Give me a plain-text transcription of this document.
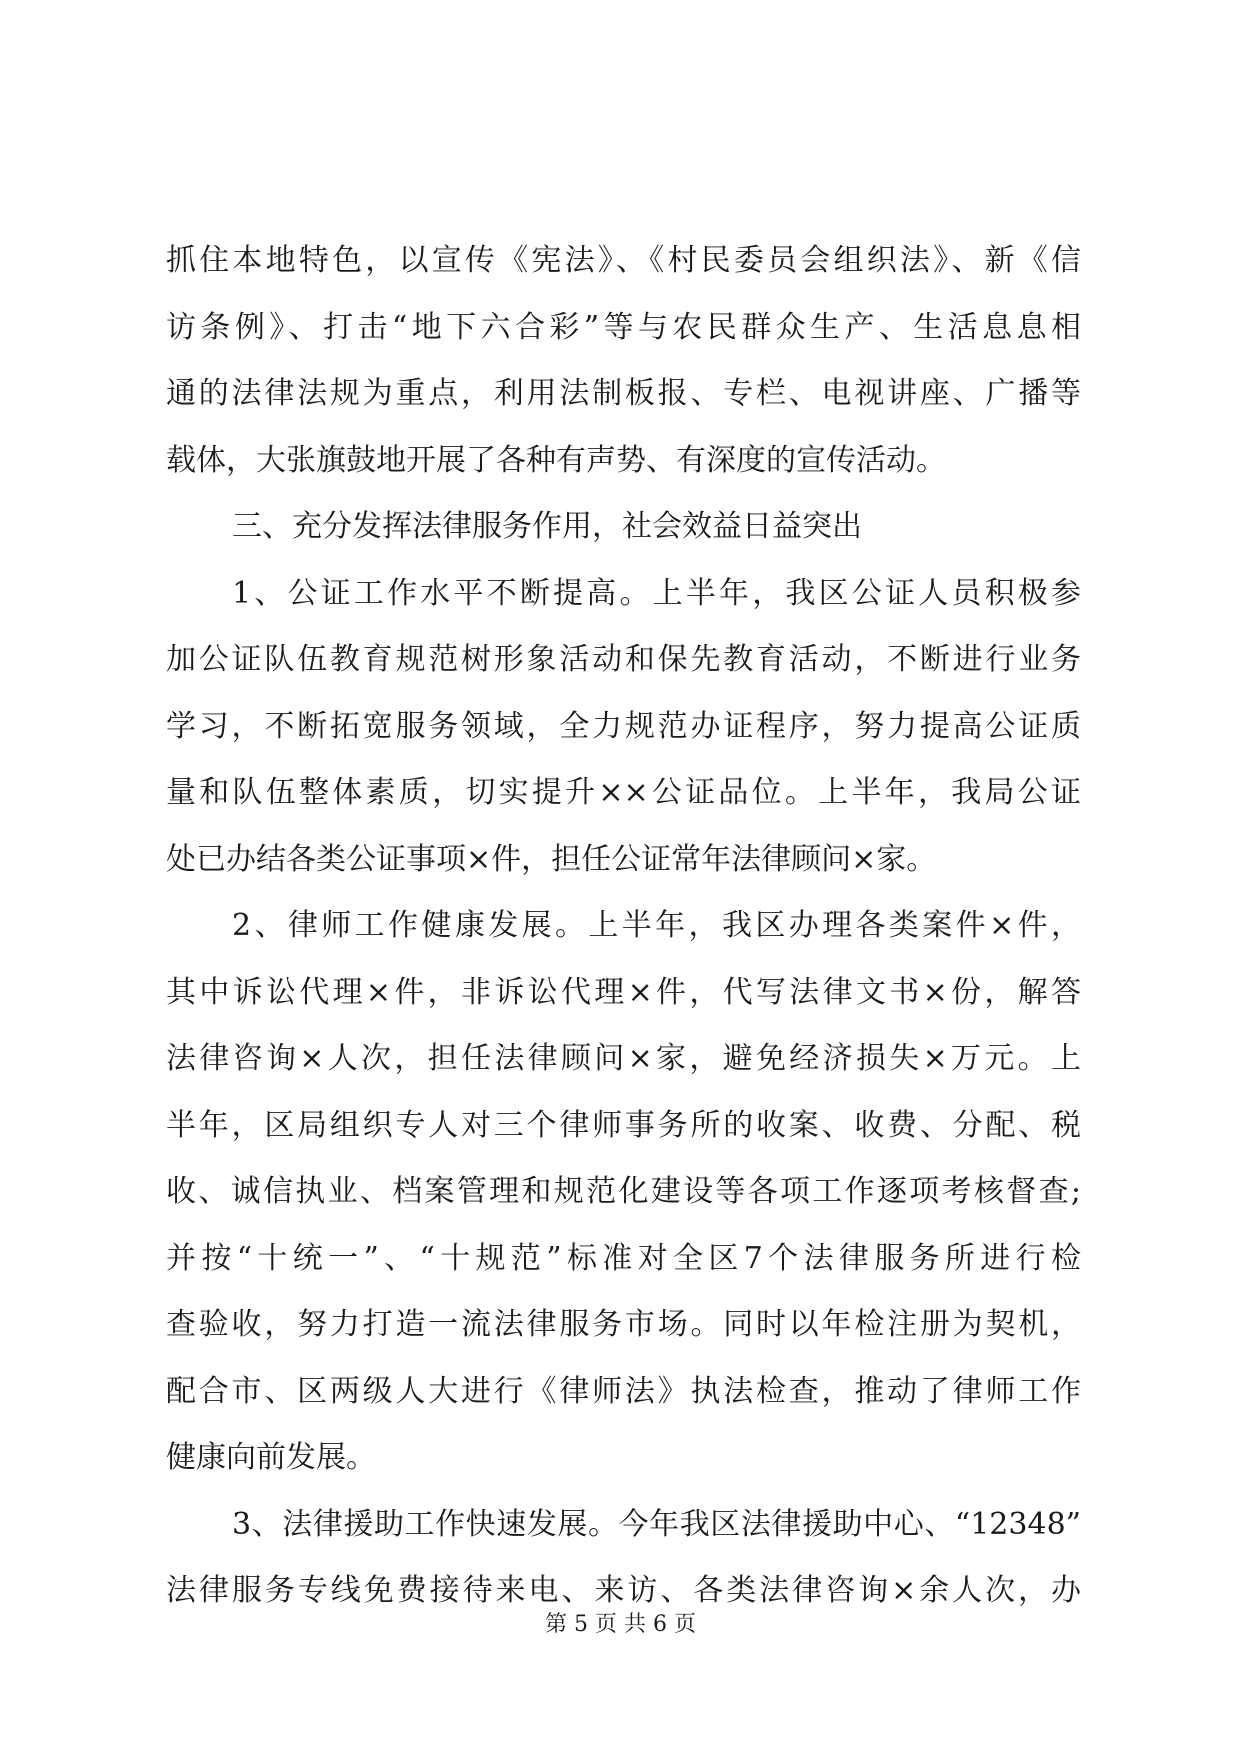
抓住本地特色，以宣传《宪法》、《村民委员会组织法》、新《信
访条例》、打击“地下六合彩”等与农民群众生产、生活息息相
通的法律法规为重点，利用法制板报、专栏、电视讲座、广播等
载体，大张旗鼓地开展了各种有声势、有深度的宣传活动。
三、充分发挥法律服务作用，社会效益日益突出
1、公证工作水平不断提高。上半年，我区公证人员积极参
加公证队伍教育规范树形象活动和保先教育活动，不断进行业务
学习，不断拓宽服务领域，全力规范办证程序，努力提高公证质
量和队伍整体素质，切实提升××公证品位。上半年，我局公证
处已办结各类公证事项×件，担任公证常年法律顾问×家。
2、律师工作健康发展。上半年，我区办理各类案件×件，
其中诉讼代理×件，非诉讼代理×件，代写法律文书×份，解答
法律咨询×人次，担任法律顾问×家，避免经济损失×万元。上
半年，区局组织专人对三个律师事务所的收案、收费、分配、税
收、诚信执业、档案管理和规范化建设等各项工作逐项考核督查;
并按“十统一”、“十规范”标准对全区7个法律服务所进行检
查验收，努力打造一流法律服务市场。同时以年检注册为契机，
配合市、区两级人大进行《律师法》执法检查，推动了律师工作
健康向前发展。
3、法律援助工作快速发展。今年我区法律援助中心、“12348”
法律服务专线免费接待来电、来访、各类法律咨询×余人次，办
第 5 页 共 6 页
